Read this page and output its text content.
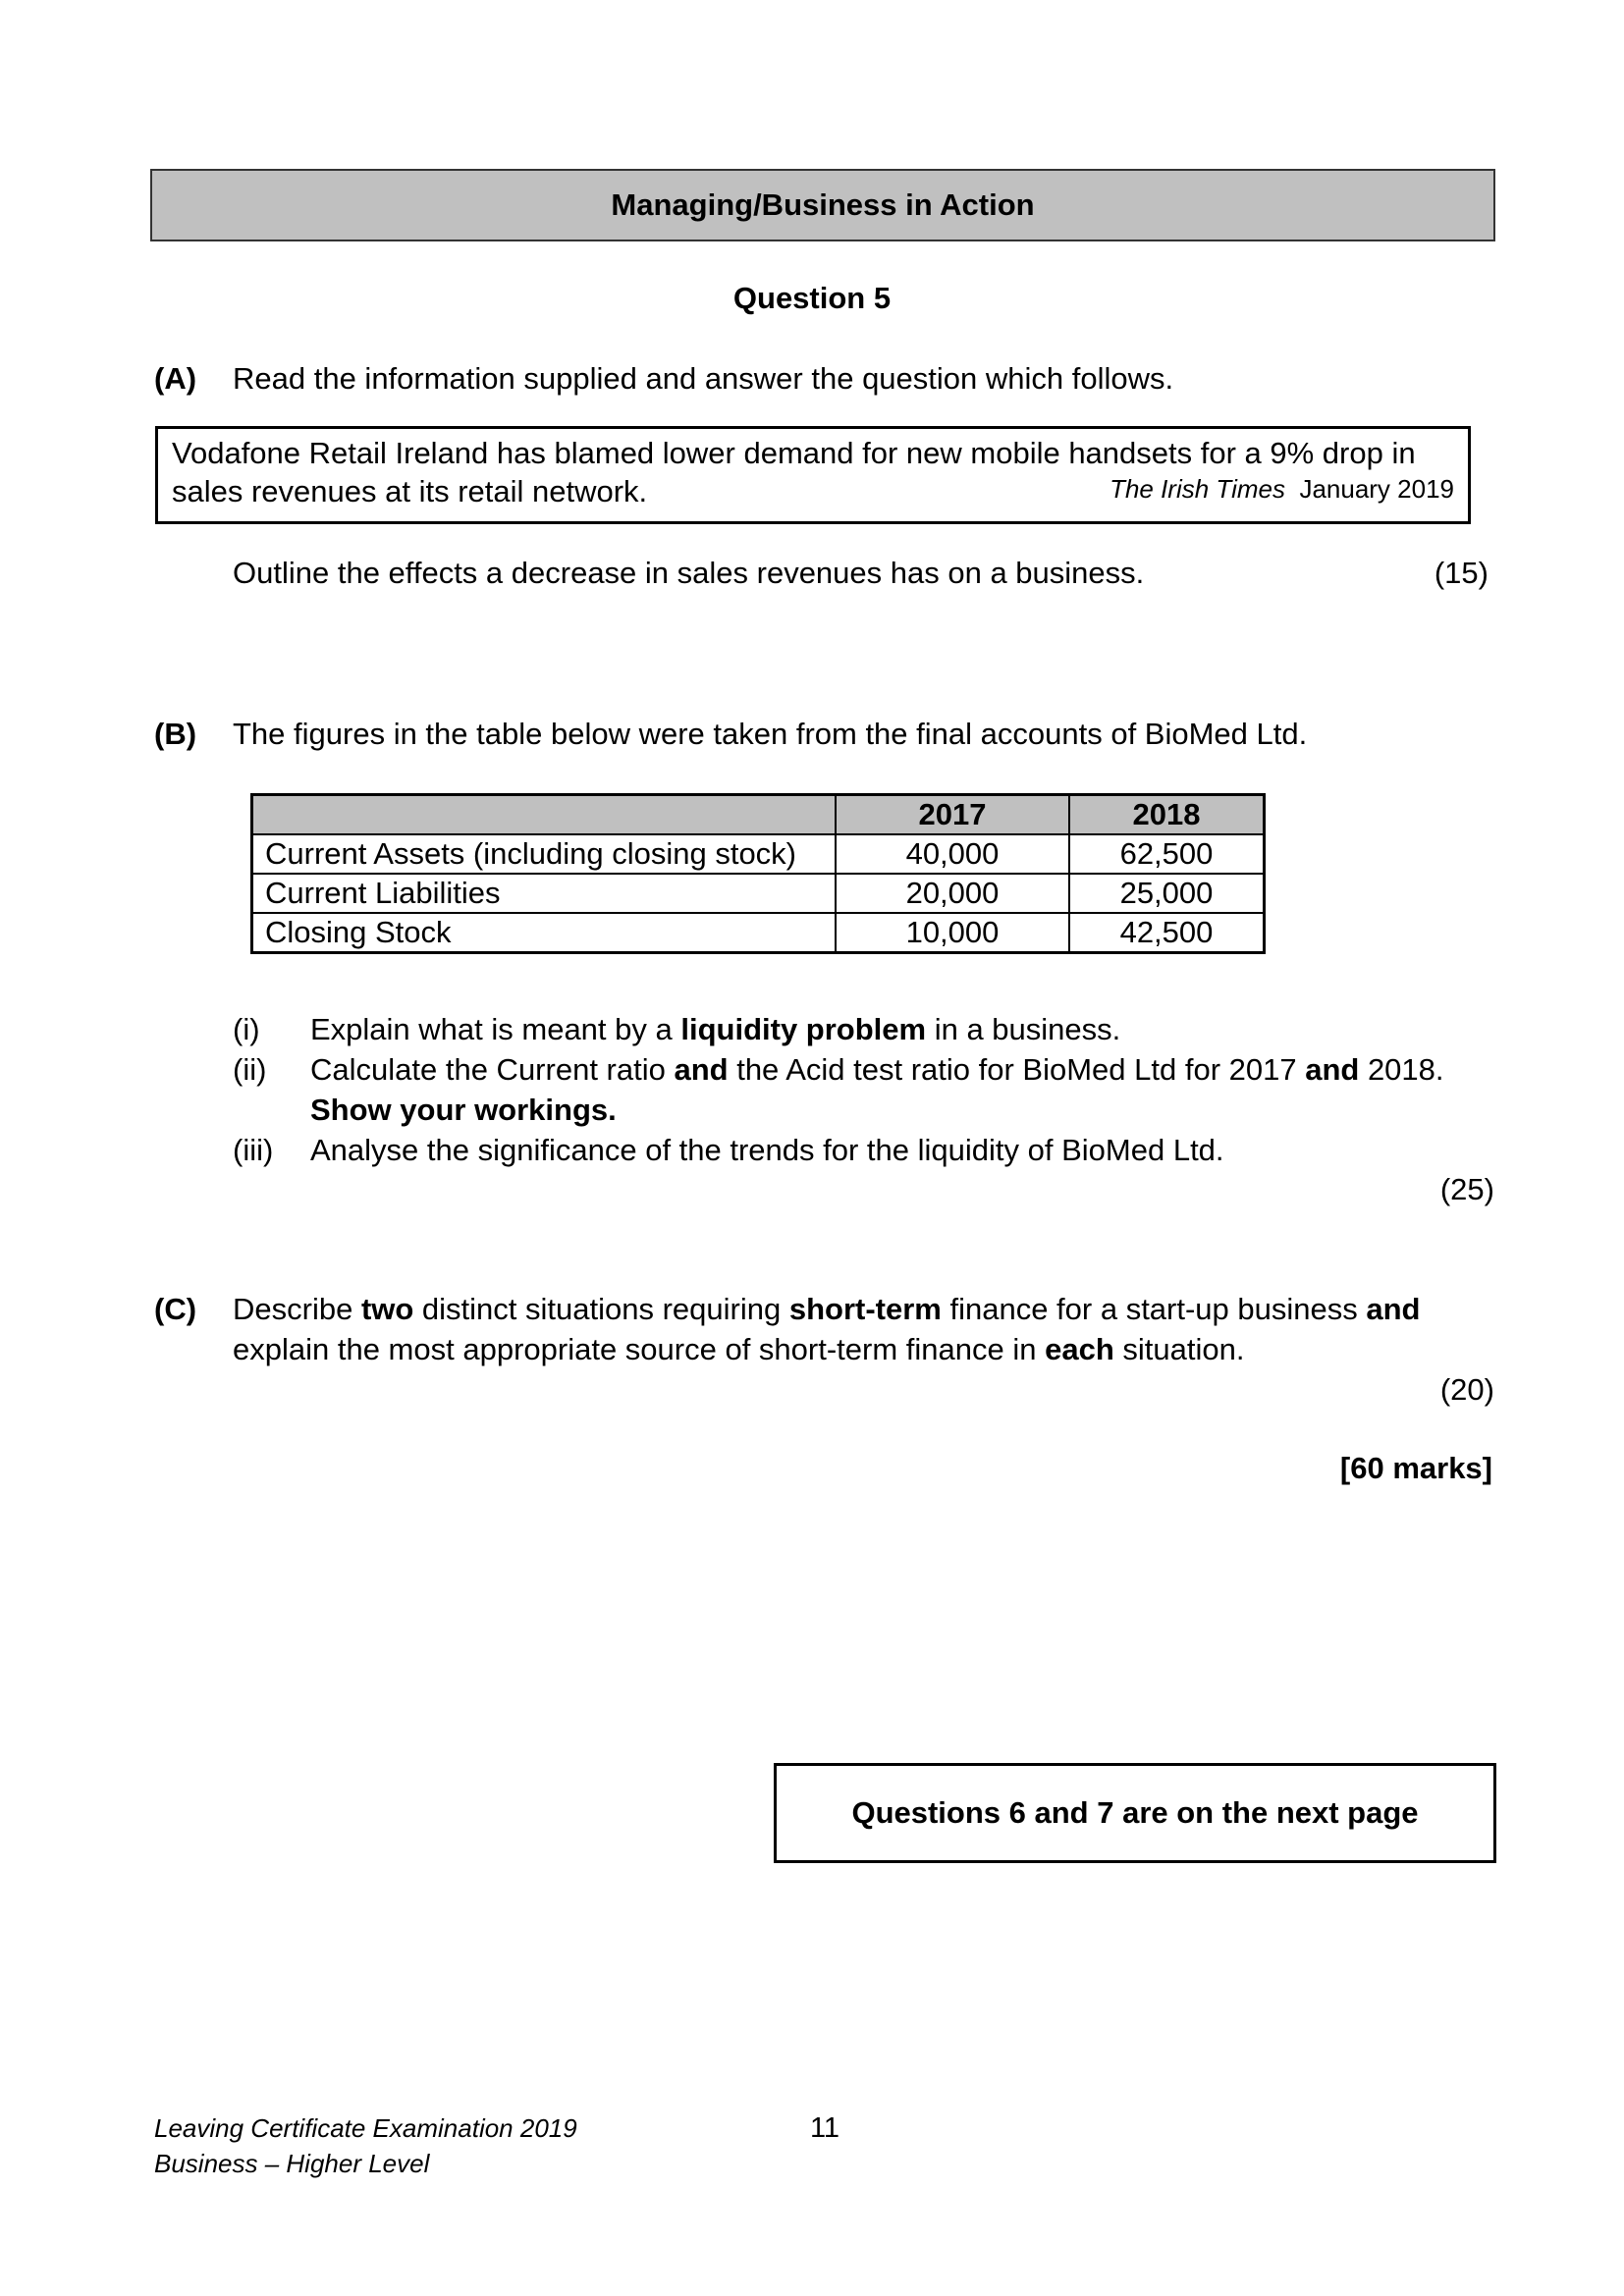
Managing/Business in Action
Question 5
(A) Read the information supplied and answer the question which follows.
Vodafone Retail Ireland has blamed lower demand for new mobile handsets for a 9% drop in
sales revenues at its retail network.	The Irish Times January 2019
Outline the effects a decrease in sales revenues has on a business.	(15)
(B) The figures in the table below were taken from the final accounts of BioMed Ltd.
	2017	2018
Current Assets (including closing stock)	40,000	62,500
Current Liabilities	20,000	25,000
Closing Stock	10,000	42,500
(i) Explain what is meant by a liquidity problem in a business.
(ii) Calculate the Current ratio and the Acid test ratio for BioMed Ltd for 2017 and 2018.
Show your workings.
(iii) Analyse the significance of the trends for the liquidity of BioMed Ltd.
(25)
(C) Describe two distinct situations requiring short-term finance for a start-up business and
explain the most appropriate source of short-term finance in each situation.
(20)
[60 marks]
Questions 6 and 7 are on the next page
Leaving Certificate Examination 2019
Business – Higher Level
11
